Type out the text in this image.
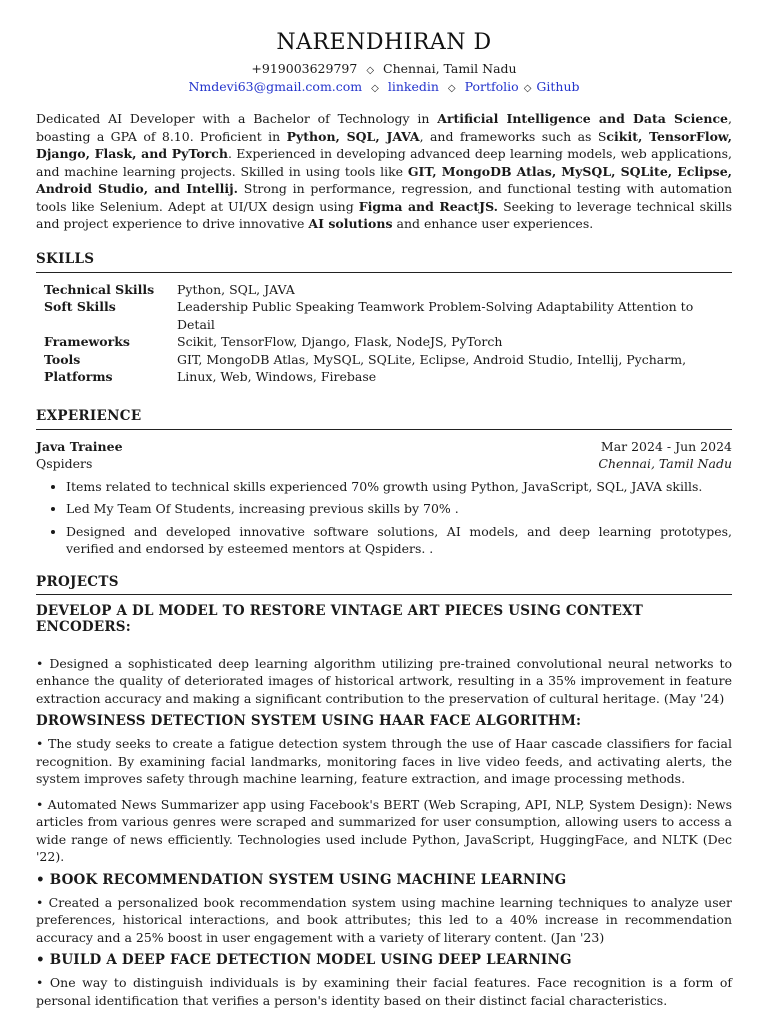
NARENDHIRAN D
+919003629797 ◇ Chennai, Tamil Nadu
Nmdevi63@gmail.com.com ◇ linkedin ◇ Portfolio ◇ Github
Dedicated AI Developer with a Bachelor of Technology in Artificial Intelligence and Data Science, boasting a GPA of 8.10. Proficient in Python, SQL, JAVA, and frameworks such as Scikit, TensorFlow, Django, Flask, and PyTorch. Experienced in developing advanced deep learning models, web applications, and machine learning projects. Skilled in using tools like GIT, MongoDB Atlas, MySQL, SQLite, Eclipse, Android Studio, and Intellij. Strong in performance, regression, and functional testing with automation tools like Selenium. Adept at UI/UX design using Figma and ReactJS. Seeking to leverage technical skills and project experience to drive innovative AI solutions and enhance user experiences.
SKILLS
Technical Skills	Python, SQL, JAVA
Soft Skills	Leadership Public Speaking Teamwork Problem-Solving Adaptability Attention to Detail
Frameworks	Scikit, TensorFlow, Django, Flask, NodeJS, PyTorch
Tools	GIT, MongoDB Atlas, MySQL, SQLite, Eclipse, Android Studio, Intellij, Pycharm,
Platforms	Linux, Web, Windows, Firebase
EXPERIENCE
Java Trainee	Mar 2024 - Jun 2024
Qspiders	Chennai, Tamil Nadu
• Items related to technical skills experienced 70% growth using Python, JavaScript, SQL, JAVA skills.
• Led My Team Of Students, increasing previous skills by 70% .
• Designed and developed innovative software solutions, AI models, and deep learning prototypes, verified and endorsed by esteemed mentors at Qspiders. .
PROJECTS
DEVELOP A DL MODEL TO RESTORE VINTAGE ART PIECES USING CONTEXT ENCODERS:
• Designed a sophisticated deep learning algorithm utilizing pre-trained convolutional neural networks to enhance the quality of deteriorated images of historical artwork, resulting in a 35% improvement in feature extraction accuracy and making a significant contribution to the preservation of cultural heritage. (May '24)
DROWSINESS DETECTION SYSTEM USING HAAR FACE ALGORITHM:
• The study seeks to create a fatigue detection system through the use of Haar cascade classifiers for facial recognition. By examining facial landmarks, monitoring faces in live video feeds, and activating alerts, the system improves safety through machine learning, feature extraction, and image processing methods.
• Automated News Summarizer app using Facebook's BERT (Web Scraping, API, NLP, System Design): News articles from various genres were scraped and summarized for user consumption, allowing users to access a wide range of news efficiently. Technologies used include Python, JavaScript, HuggingFace, and NLTK (Dec '22).
• BOOK RECOMMENDATION SYSTEM USING MACHINE LEARNING
• Created a personalized book recommendation system using machine learning techniques to analyze user preferences, historical interactions, and book attributes; this led to a 40% increase in recommendation accuracy and a 25% boost in user engagement with a variety of literary content. (Jan '23)
• BUILD A DEEP FACE DETECTION MODEL USING DEEP LEARNING
• One way to distinguish individuals is by examining their facial features. Face recognition is a form of personal identification that verifies a person's identity based on their distinct facial characteristics.
